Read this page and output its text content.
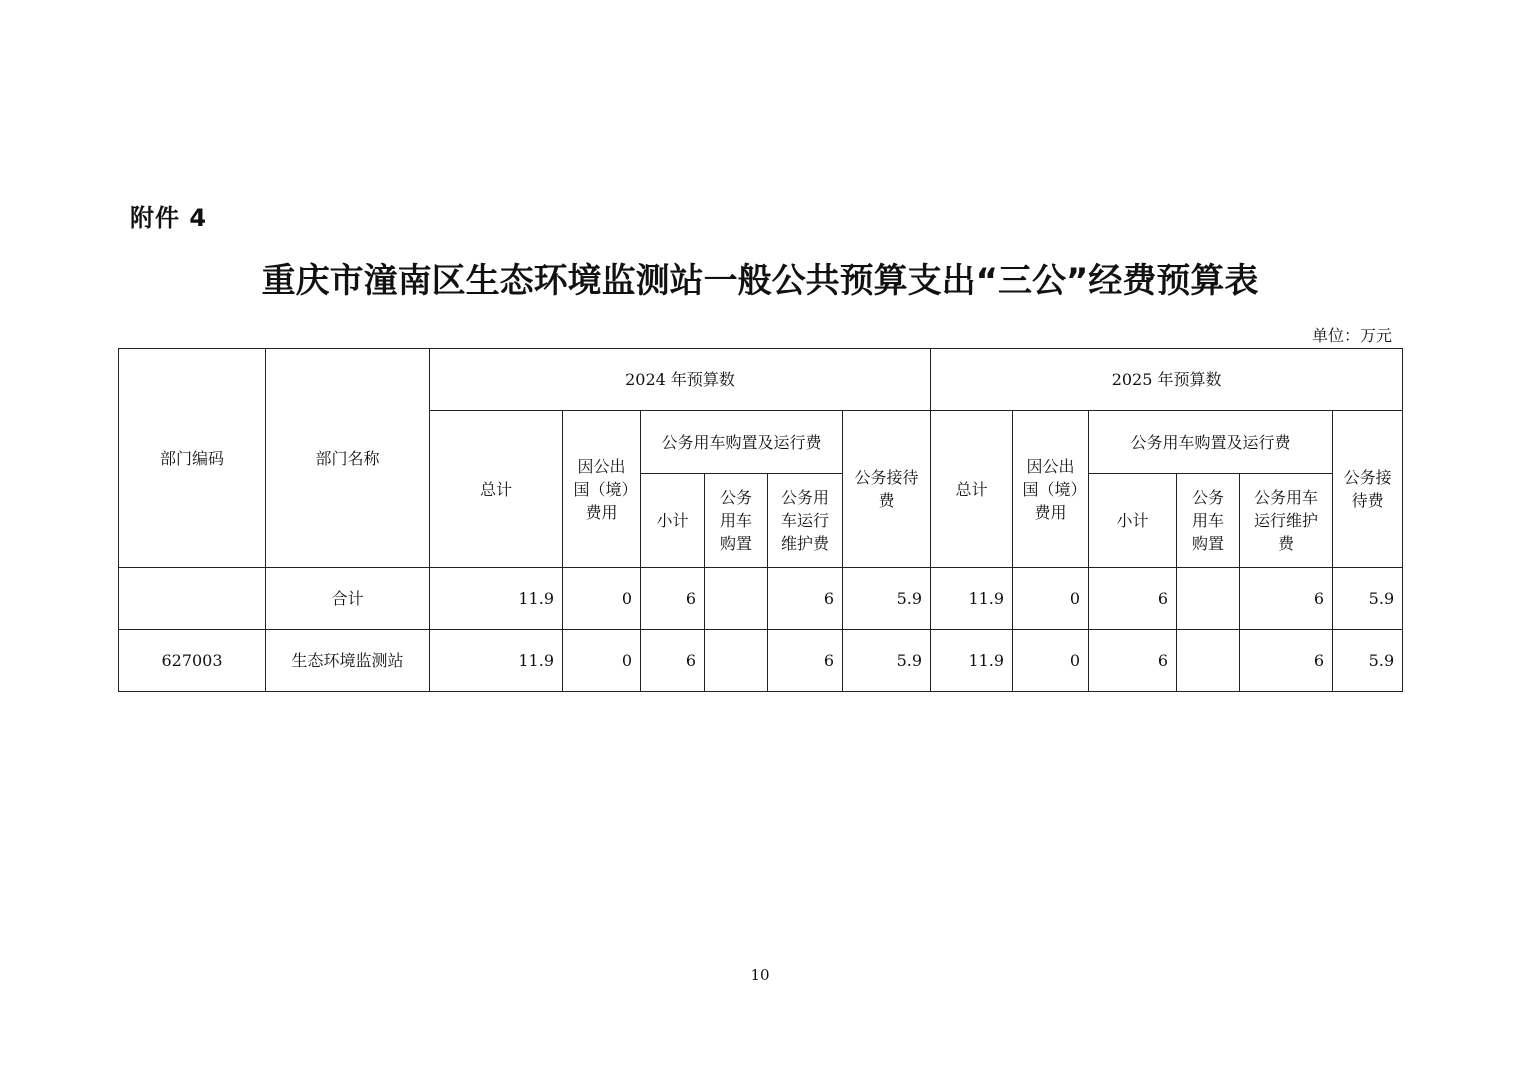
附件 4
重庆市潼南区生态环境监测站一般公共预算支出“三公”经费预算表
单位：万元
部门编码	部门名称	2024 年预算数						2025 年预算数					
		总计	因公出国（境）费用	公务用车购置及运行费			公务接待费	总计	因公出国（境）费用	公务用车购置及运行费			公务接待费
				小计	公务用车购置	公务用车运行维护费				小计	公务用车购置	公务用车运行维护费	
	合计	11.9	0	6		6	5.9	11.9	0	6		6	5.9
627003	生态环境监测站	11.9	0	6		6	5.9	11.9	0	6		6	5.9
10
